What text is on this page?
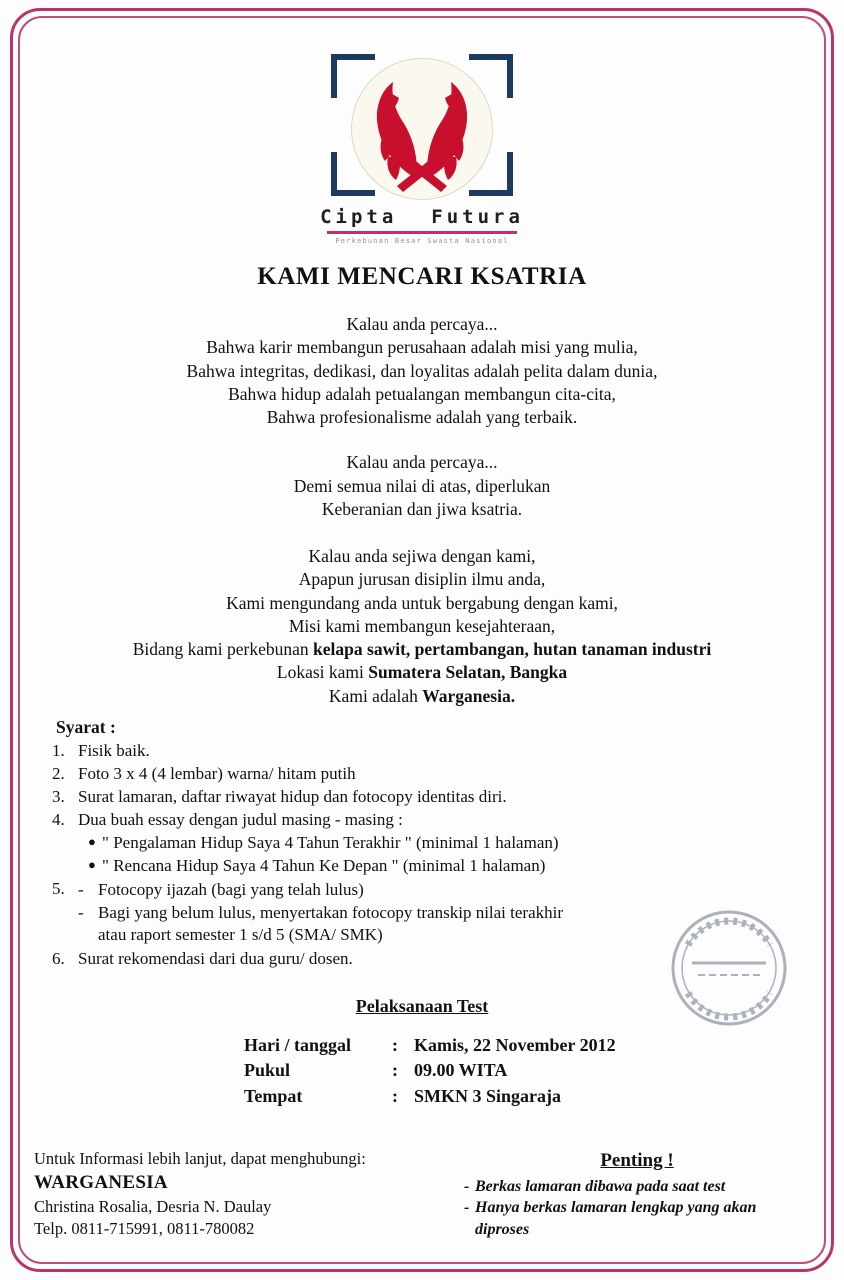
Cipta Futura
Perkebunan Besar Swasta Nasional
KAMI MENCARI KSATRIA
Kalau anda percaya...
Bahwa karir membangun perusahaan adalah misi yang mulia,
Bahwa integritas, dedikasi, dan loyalitas adalah pelita dalam dunia,
Bahwa hidup adalah petualangan membangun cita-cita,
Bahwa profesionalisme adalah yang terbaik.
Kalau anda percaya...
Demi semua nilai di atas, diperlukan
Keberanian dan jiwa ksatria.
Kalau anda sejiwa dengan kami,
Apapun jurusan disiplin ilmu anda,
Kami mengundang anda untuk bergabung dengan kami,
Misi kami membangun kesejahteraan,
Bidang kami perkebunan kelapa sawit, pertambangan, hutan tanaman industri
Lokasi kami Sumatera Selatan, Bangka
Kami adalah Warganesia.
Syarat :
1. Fisik baik.
2. Foto 3 x 4 (4 lembar) warna/ hitam putih
3. Surat lamaran, daftar riwayat hidup dan fotocopy identitas diri.
4. Dua buah essay dengan judul masing - masing :
● " Pengalaman Hidup Saya 4 Tahun Terakhir " (minimal 1 halaman)
● " Rencana Hidup Saya 4 Tahun Ke Depan " (minimal 1 halaman)
5. - Fotocopy ijazah (bagi yang telah lulus)
- Bagi yang belum lulus, menyertakan fotocopy transkip nilai terakhir
atau raport semester 1 s/d 5 (SMA/ SMK)
6. Surat rekomendasi dari dua guru/ dosen.
Pelaksanaan Test
Hari / tanggal	: Kamis, 22 November 2012
Pukul	: 09.00 WITA
Tempat	: SMKN 3 Singaraja
Untuk Informasi lebih lanjut, dapat menghubungi:
WARGANESIA
Christina Rosalia, Desria N. Daulay
Telp. 0811-715991, 0811-780082
Penting !
- Berkas lamaran dibawa pada saat test
- Hanya berkas lamaran lengkap yang akan
diproses
